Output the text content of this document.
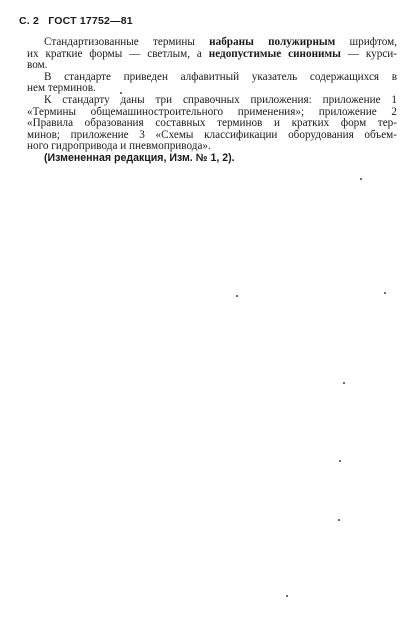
С. 2 ГОСТ 17752—81
Стандартизованные термины набраны полужирным шрифтом,
их краткие формы — светлым, а недопустимые синонимы — курси-
вом.
В стандарте приведен алфавитный указатель содержащихся в
нем терминов.
К стандарту даны три справочных приложения: приложение 1
«Термины общемашиностроительного применения»; приложение 2
«Правила образования составных терминов и кратких форм тер-
минов; приложение 3 «Схемы классификации оборудования объем-
ного гидропривода и пневмопривода».
(Измененная редакция, Изм. № 1, 2).
